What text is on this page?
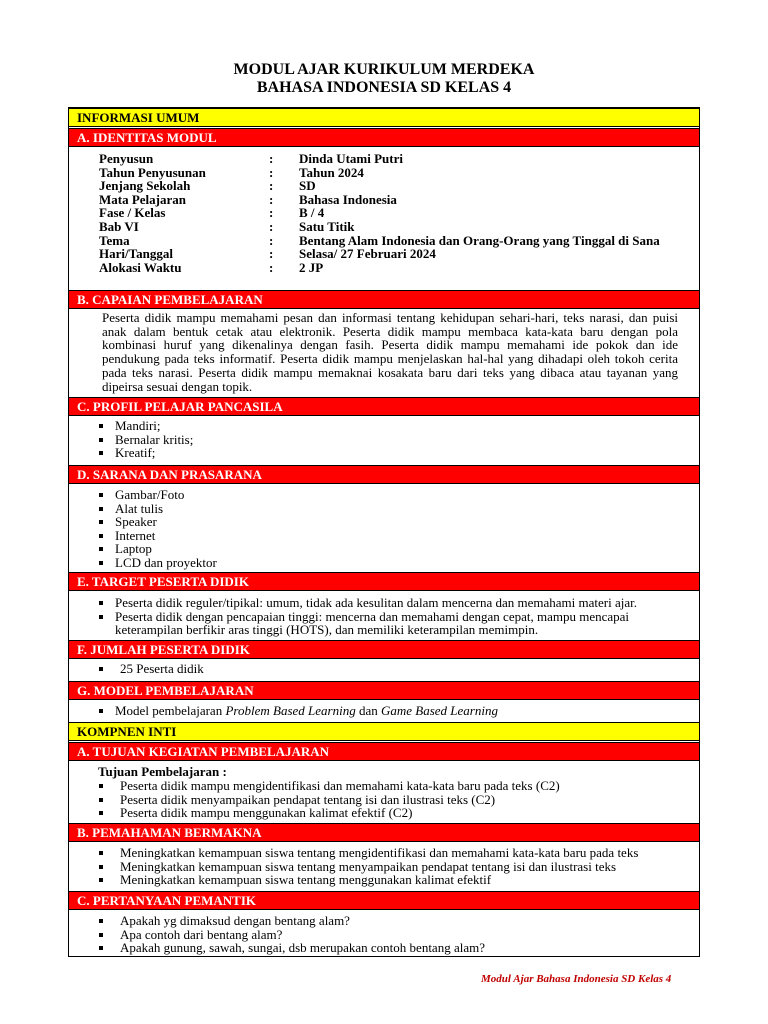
MODUL AJAR KURIKULUM MERDEKA
BAHASA INDONESIA SD KELAS 4
INFORMASI UMUM
A. IDENTITAS MODUL
Penyusun	:	Dinda Utami Putri
Tahun Penyusunan	:	Tahun 2024
Jenjang Sekolah	:	SD
Mata Pelajaran	:	Bahasa Indonesia
Fase / Kelas	:	B / 4
Bab VI	:	Satu Titik
Tema	:	Bentang Alam Indonesia dan Orang-Orang yang Tinggal di Sana
Hari/Tanggal	:	Selasa/ 27 Februari 2024
Alokasi Waktu	:	2 JP
B. CAPAIAN PEMBELAJARAN
Peserta didik mampu memahami pesan dan informasi tentang kehidupan sehari-hari, teks narasi, dan puisi anak dalam bentuk cetak atau elektronik. Peserta didik mampu membaca kata-kata baru dengan pola kombinasi huruf yang dikenalinya dengan fasih. Peserta didik mampu memahami ide pokok dan ide pendukung pada teks informatif. Peserta didik mampu menjelaskan hal-hal yang dihadapi oleh tokoh cerita pada teks narasi. Peserta didik mampu memaknai kosakata baru dari teks yang dibaca atau tayanan yang dipeirsa sesuai dengan topik.
C. PROFIL PELAJAR PANCASILA
Mandiri;
Bernalar kritis;
Kreatif;
D. SARANA DAN PRASARANA
Gambar/Foto
Alat tulis
Speaker
Internet
Laptop
LCD dan proyektor
E. TARGET PESERTA DIDIK
Peserta didik reguler/tipikal: umum, tidak ada kesulitan dalam mencerna dan memahami materi ajar.
Peserta didik dengan pencapaian tinggi: mencerna dan memahami dengan cepat, mampu mencapai keterampilan berfikir aras tinggi (HOTS), dan memiliki keterampilan memimpin.
F. JUMLAH PESERTA DIDIK
25 Peserta didik
G. MODEL PEMBELAJARAN
Model pembelajaran Problem Based Learning dan Game Based Learning
KOMPNEN INTI
A. TUJUAN KEGIATAN PEMBELAJARAN
Tujuan Pembelajaran :
Peserta didik mampu mengidentifikasi dan memahami kata-kata baru pada teks (C2)
Peserta didik menyampaikan pendapat tentang isi dan ilustrasi teks (C2)
Peserta didik mampu menggunakan kalimat efektif (C2)
B. PEMAHAMAN BERMAKNA
Meningkatkan kemampuan siswa tentang mengidentifikasi dan memahami kata-kata baru pada teks
Meningkatkan kemampuan siswa tentang menyampaikan pendapat tentang isi dan ilustrasi teks
Meningkatkan kemampuan siswa tentang menggunakan kalimat efektif
C. PERTANYAAN PEMANTIK
Apakah yg dimaksud dengan bentang alam?
Apa contoh dari bentang alam?
Apakah gunung, sawah, sungai, dsb merupakan contoh bentang alam?
Modul Ajar Bahasa Indonesia SD Kelas 4
